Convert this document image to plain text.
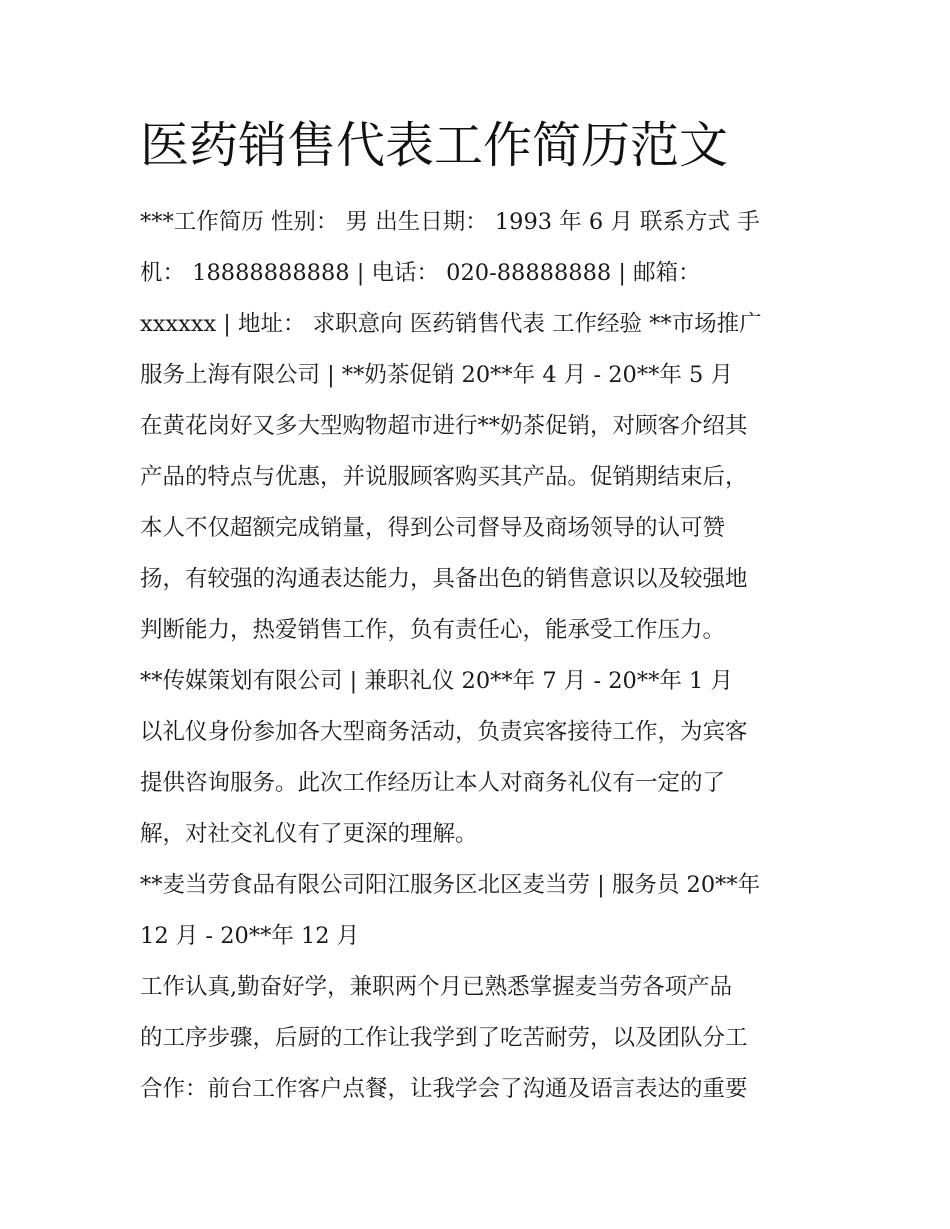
医药销售代表工作简历范文
***工作简历 性别： 男 出生日期： 1993 年 6 月 联系方式 手
机： 18888888888 | 电话： 020-88888888 | 邮箱：
xxxxxx | 地址： 求职意向 医药销售代表 工作经验 **市场推广
服务上海有限公司 | **奶茶促销 20**年 4 月 - 20**年 5 月
在黄花岗好又多大型购物超市进行**奶茶促销，对顾客介绍其
产品的特点与优惠，并说服顾客购买其产品。促销期结束后，
本人不仅超额完成销量，得到公司督导及商场领导的认可赞
扬，有较强的沟通表达能力，具备出色的销售意识以及较强地
判断能力，热爱销售工作，负有责任心，能承受工作压力。
**传媒策划有限公司 | 兼职礼仪 20**年 7 月 - 20**年 1 月
以礼仪身份参加各大型商务活动，负责宾客接待工作，为宾客
提供咨询服务。此次工作经历让本人对商务礼仪有一定的了
解，对社交礼仪有了更深的理解。
**麦当劳食品有限公司阳江服务区北区麦当劳 | 服务员 20**年
12 月 - 20**年 12 月
工作认真,勤奋好学，兼职两个月已熟悉掌握麦当劳各项产品
的工序步骤，后厨的工作让我学到了吃苦耐劳，以及团队分工
合作：前台工作客户点餐，让我学会了沟通及语言表达的重要
